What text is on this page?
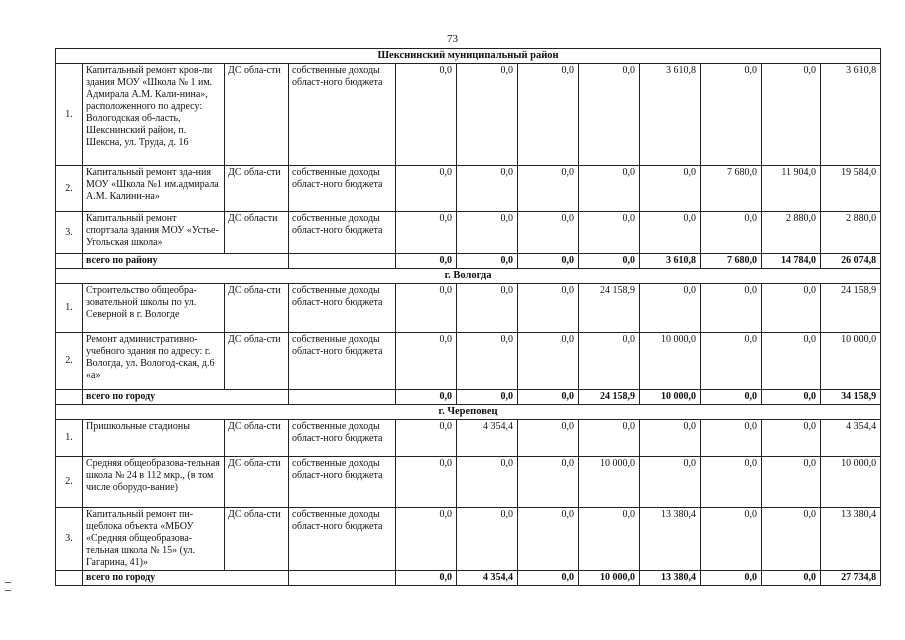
73
Шекснинский муниципальный район											
1.	Капитальный ремонт кров-ли здания МОУ «Школа № 1 им. Адмирала А.М. Кали-нина», расположенного по адресу: Вологодская об-ласть, Шекснинский район, п. Шексна, ул. Труда, д. 16	ДС обла-сти	собственные доходы област-ного бюджета	0,0	0,0	0,0	0,0	3 610,8	0,0	0,0	3 610,8
2.	Капитальный ремонт зда-ния МОУ «Школа №1 им.адмирала А.М. Калини-на»	ДС обла-сти	собственные доходы област-ного бюджета	0,0	0,0	0,0	0,0	0,0	7 680,0	11 904,0	19 584,0
3.	Капитальный ремонт спортзала здания МОУ «Устье-Угольская школа»	ДС области	собственные доходы област-ного бюджета	0,0	0,0	0,0	0,0	0,0	0,0	2 880,0	2 880,0
	всего по району			0,0	0,0	0,0	0,0	3 610,8	7 680,0	14 784,0	26 074,8
г. Вологда											
1.	Строительство общеобра-зовательной школы по ул. Северной в г. Вологде	ДС обла-сти	собственные доходы област-ного бюджета	0,0	0,0	0,0	24 158,9	0,0	0,0	0,0	24 158,9
2.	Ремонт административно-учебного здания по адресу: г. Вологда, ул. Вологод-ская, д.6 «а»	ДС обла-сти	собственные доходы област-ного бюджета	0,0	0,0	0,0	0,0	10 000,0	0,0	0,0	10 000,0
	всего по городу			0,0	0,0	0,0	24 158,9	10 000,0	0,0	0,0	34 158,9
г. Череповец											
1.	Пришкольные стадионы	ДС обла-сти	собственные доходы област-ного бюджета	0,0	4 354,4	0,0	0,0	0,0	0,0	0,0	4 354,4
2.	Средняя общеобразова-тельная школа № 24 в 112 мкр., (в том числе оборудо-вание)	ДС обла-сти	собственные доходы област-ного бюджета	0,0	0,0	0,0	10 000,0	0,0	0,0	0,0	10 000,0
3.	Капитальный ремонт пи-щеблока объекта «МБОУ «Средняя общеобразова-тельная школа № 15» (ул. Гагарина, 41)»	ДС обла-сти	собственные доходы област-ного бюджета	0,0	0,0	0,0	0,0	13 380,4	0,0	0,0	13 380,4
	всего по городу			0,0	4 354,4	0,0	10 000,0	13 380,4	0,0	0,0	27 734,8
